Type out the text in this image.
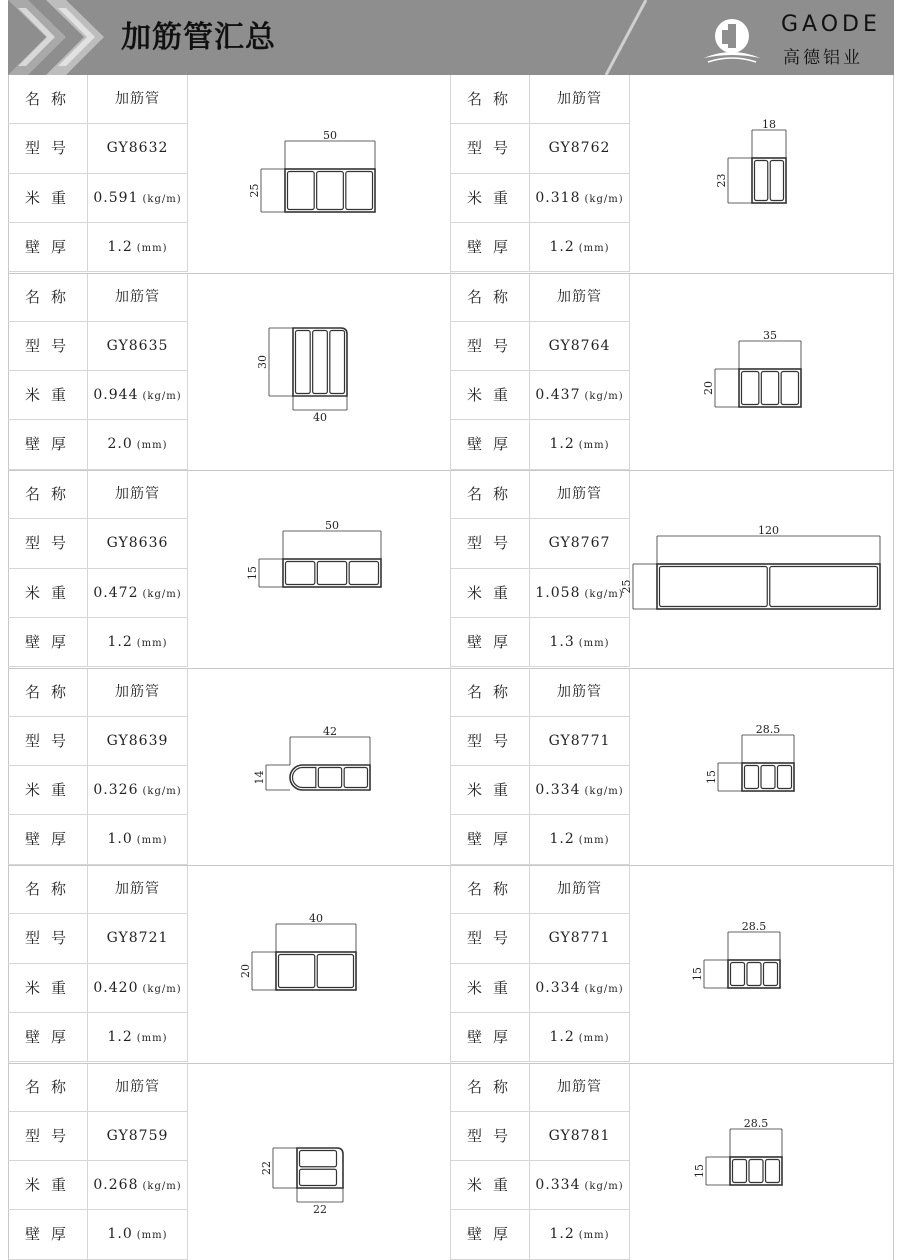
加筋管汇总	GAODE
高德铝业
名 称	加筋管
型 号	GY8632
米 重	0.591 (kg/m)
壁 厚	1.2 (mm)
50
25
名 称	加筋管
型 号	GY8762
米 重	0.318 (kg/m)
壁 厚	1.2 (mm)
18
23
名 称	加筋管
型 号	GY8635
米 重	0.944 (kg/m)
壁 厚	2.0 (mm)
40
30
名 称	加筋管
型 号	GY8764
米 重	0.437 (kg/m)
壁 厚	1.2 (mm)
35
20
名 称	加筋管
型 号	GY8636
米 重	0.472 (kg/m)
壁 厚	1.2 (mm)
50
15
名 称	加筋管
型 号	GY8767
米 重	1.058 (kg/m)
壁 厚	1.3 (mm)
120
25
名 称	加筋管
型 号	GY8639
米 重	0.326 (kg/m)
壁 厚	1.0 (mm)
42
14
名 称	加筋管
型 号	GY8771
米 重	0.334 (kg/m)
壁 厚	1.2 (mm)
28.5
15
名 称	加筋管
型 号	GY8721
米 重	0.420 (kg/m)
壁 厚	1.2 (mm)
40
20
名 称	加筋管
型 号	GY8771
米 重	0.334 (kg/m)
壁 厚	1.2 (mm)
28.5
15
名 称	加筋管
型 号	GY8759
米 重	0.268 (kg/m)
壁 厚	1.0 (mm)
22
22
名 称	加筋管
型 号	GY8781
米 重	0.334 (kg/m)
壁 厚	1.2 (mm)
28.5
15
